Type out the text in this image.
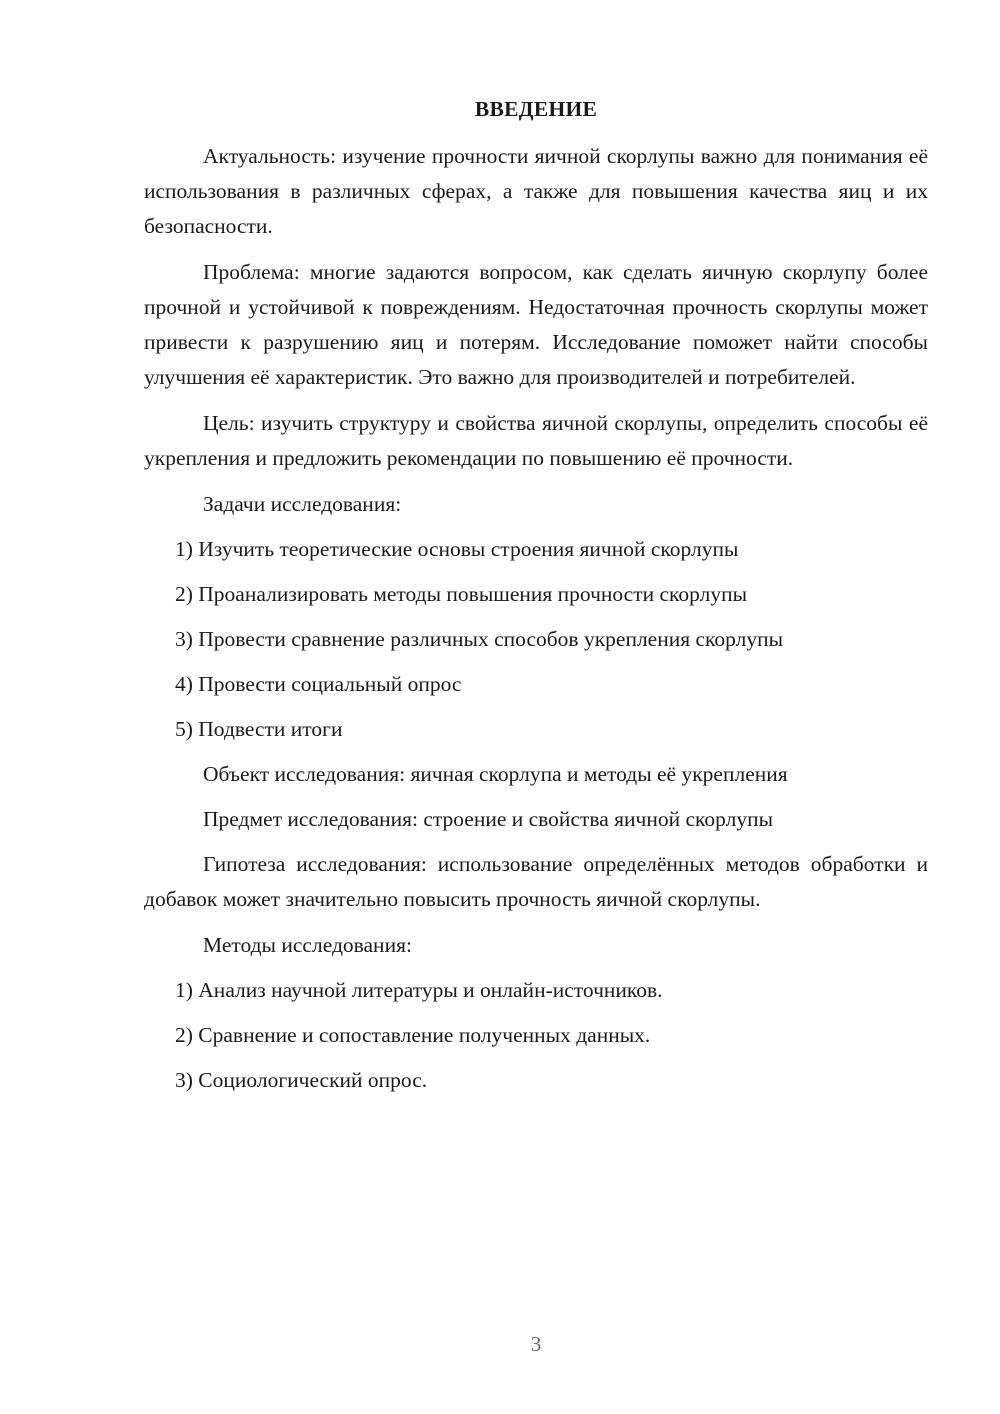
ВВЕДЕНИЕ

Актуальность: изучение прочности яичной скорлупы важно для понимания её использования в различных сферах, а также для повышения качества яиц и их безопасности.

Проблема: многие задаются вопросом, как сделать яичную скорлупу более прочной и устойчивой к повреждениям. Недостаточная прочность скорлупы может привести к разрушению яиц и потерям. Исследование поможет найти способы улучшения её характеристик. Это важно для производителей и потребителей.

Цель: изучить структуру и свойства яичной скорлупы, определить способы её укрепления и предложить рекомендации по повышению её прочности.

Задачи исследования:
1) Изучить теоретические основы строения яичной скорлупы
2) Проанализировать методы повышения прочности скорлупы
3) Провести сравнение различных способов укрепления скорлупы
4) Провести социальный опрос
5) Подвести итоги
Объект исследования: яичная скорлупа и методы её укрепления
Предмет исследования: строение и свойства яичной скорлупы

Гипотеза исследования: использование определённых методов обработки и добавок может значительно повысить прочность яичной скорлупы.

Методы исследования:
1) Анализ научной литературы и онлайн-источников.
2) Сравнение и сопоставление полученных данных.
3) Социологический опрос.
3
